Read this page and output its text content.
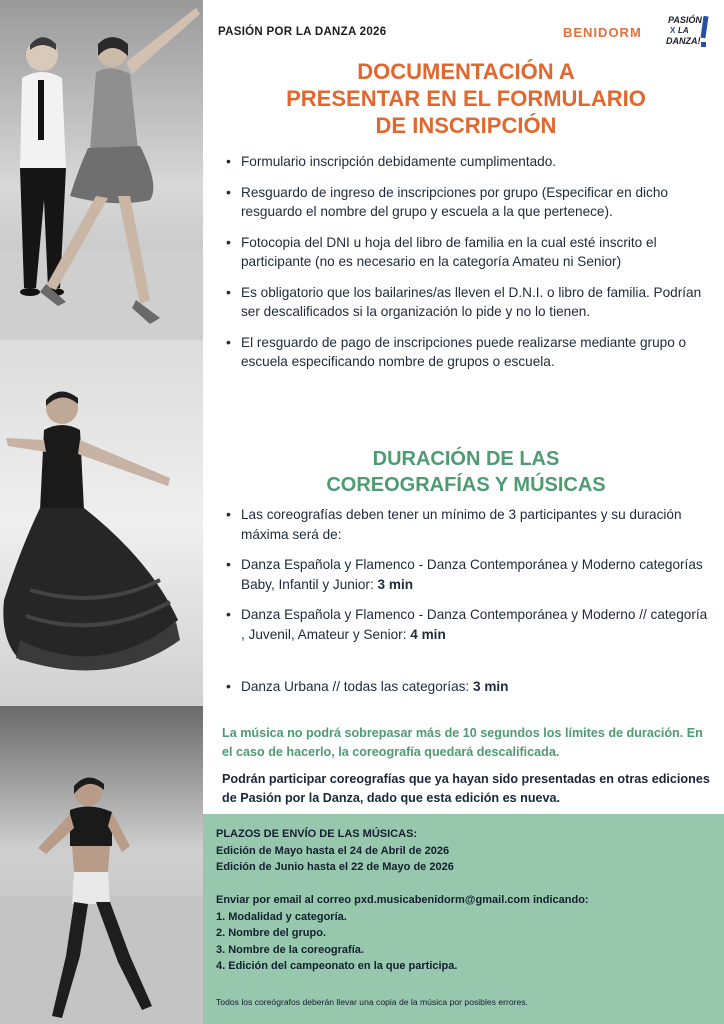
PASIÓN POR LA DANZA 2026	BENIDORM
PASIÓN
X LA
DANZA!
DOCUMENTACIÓN A
PRESENTAR EN EL FORMULARIO
DE INSCRIPCIÓN
• Formulario inscripción debidamente cumplimentado.
• Resguardo de ingreso de inscripciones por grupo (Especificar en dicho resguardo el nombre del grupo y escuela a la que pertenece).
• Fotocopia del DNI u hoja del libro de familia en la cual esté inscrito el participante (no es necesario en la categoría Amateu ni Senior)
• Es obligatorio que los bailarines/as lleven el D.N.I. o libro de familia. Podrían ser descalificados si la organización lo pide y no lo tienen.
• El resguardo de pago de inscripciones puede realizarse mediante grupo o escuela especificando nombre de grupos o escuela.
DURACIÓN DE LAS
COREOGRAFÍAS Y MÚSICAS
• Las coreografías deben tener un mínimo de 3 participantes y su duración máxima será de:
• Danza Española y Flamenco - Danza Contemporánea y Moderno categorías Baby, Infantil y Junior: 3 min
• Danza Española y Flamenco - Danza Contemporánea y Moderno // categoría , Juvenil, Amateur y Senior: 4 min
• Danza Urbana // todas las categorías: 3 min

La música no podrá sobrepasar más de 10 segundos los límites de duración. En el caso de hacerlo, la coreografía quedará descalificada.

Podrán participar coreografías que ya hayan sido presentadas en otras ediciones de Pasión por la Danza, dado que esta edición es nueva.

PLAZOS DE ENVÍO DE LAS MÚSICAS:
Edición de Mayo hasta el 24 de Abril de 2026
Edición de Junio hasta el 22 de Mayo de 2026

Enviar por email al correo pxd.musicabenidorm@gmail.com indicando:
1. Modalidad y categoría.
2. Nombre del grupo.
3. Nombre de la coreografía.
4. Edición del campeonato en la que participa.

Todos los coreógrafos deberán llevar una copia de la música por posibles errores.
